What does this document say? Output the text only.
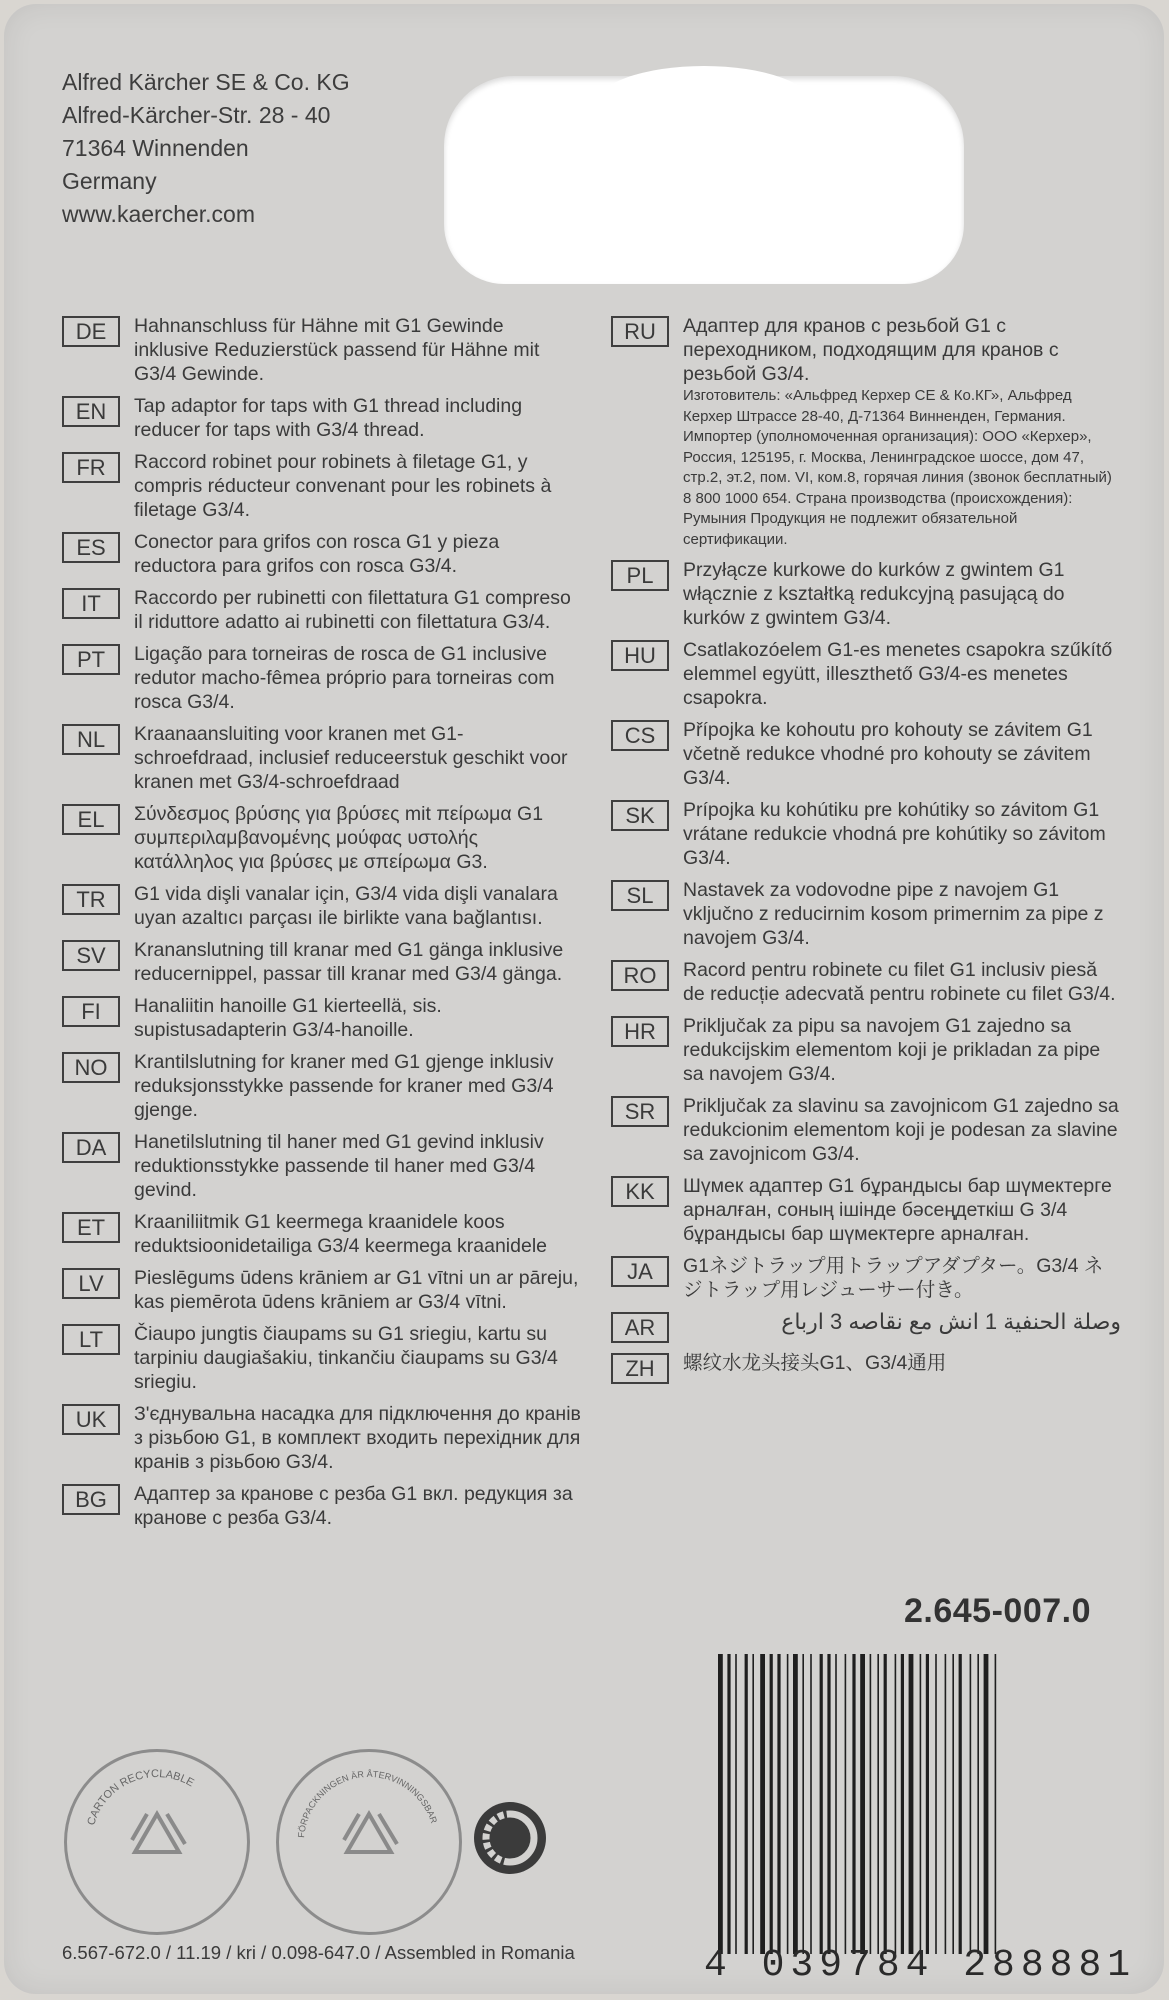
Alfred Kärcher SE & Co. KG
Alfred-Kärcher-Str. 28 - 40
71364 Winnenden
Germany
www.kaercher.com
DE	Hahnanschluss für Hähne mit G1 Gewinde inklusive Reduzierstück passend für Hähne mit G3/4 Gewinde.
EN	Tap adaptor for taps with G1 thread including reducer for taps with G3/4 thread.
FR	Raccord robinet pour robinets à filetage G1, y compris réducteur convenant pour les robinets à filetage G3/4.
ES	Conector para grifos con rosca G1 y pieza reductora para grifos con rosca G3/4.
IT	Raccordo per rubinetti con filettatura G1 compreso il riduttore adatto ai rubinetti con filettatura G3/4.
PT	Ligação para torneiras de rosca de G1 inclusive redutor macho-fêmea próprio para torneiras com rosca G3/4.
NL	Kraanaansluiting voor kranen met G1-schroefdraad, inclusief reduceerstuk geschikt voor kranen met G3/4-schroefdraad
EL	Σύνδεσμος βρύσης για βρύσες mit πείρωμα G1 συμπεριλαμβανομένης μούφας υστολής κατάλληλος για βρύσες με σπείρωμα G3.
TR	G1 vida dişli vanalar için, G3/4 vida dişli vanalara uyan azaltıcı parçası ile birlikte vana bağlantısı.
SV	Krananslutning till kranar med G1 gänga inklusive reducernippel, passar till kranar med G3/4 gänga.
FI	Hanaliitin hanoille G1 kierteellä, sis. supistusadapterin G3/4-hanoille.
NO	Krantilslutning for kraner med G1 gjenge inklusiv reduksjonsstykke passende for kraner med G3/4 gjenge.
DA	Hanetilslutning til haner med G1 gevind inklusiv reduktionsstykke passende til haner med G3/4 gevind.
ET	Kraaniliitmik G1 keermega kraanidele koos reduktsioonidetailiga G3/4 keermega kraanidele
LV	Pieslēgums ūdens krāniem ar G1 vītni un ar pāreju, kas piemērota ūdens krāniem ar G3/4 vītni.
LT	Čiaupo jungtis čiaupams su G1 sriegiu, kartu su tarpiniu daugiašakiu, tinkančiu čiaupams su G3/4 sriegiu.
UK	З'єднувальна насадка для підключення до кранів з різьбою G1, в комплект входить перехідник для кранів з різьбою G3/4.
BG	Адаптер за кранове с резба G1 вкл. редукция за кранове с резба G3/4.
RU	Адаптер для кранов с резьбой G1 с переходником, подходящим для кранов с резьбой G3/4.
Изготовитель: «Альфред Керхер СЕ & Ко.КГ», Альфред Керхер Штрассе 28-40, Д-71364 Винненден, Германия. Импортер (уполномоченная организация): ООО «Керхер», Россия, 125195, г. Москва, Ленинградское шоссе, дом 47, стр.2, эт.2, пом. VI, ком.8, горячая линия (звонок бесплатный) 8 800 1000 654. Страна производства (происхождения): Румыния Продукция не подлежит обязательной сертификации.
PL	Przyłącze kurkowe do kurków z gwintem G1 włącznie z kształtką redukcyjną pasującą do kurków z gwintem G3/4.
HU	Csatlakozóelem G1-es menetes csapokra szűkítő elemmel együtt, illeszthető G3/4-es menetes csapokra.
CS	Přípojka ke kohoutu pro kohouty se závitem G1 včetně redukce vhodné pro kohouty se závitem G3/4.
SK	Prípojka ku kohútiku pre kohútiky so závitom G1 vrátane redukcie vhodná pre kohútiky so závitom G3/4.
SL	Nastavek za vodovodne pipe z navojem G1 vključno z reducirnim kosom primernim za pipe z navojem G3/4.
RO	Racord pentru robinete cu filet G1 inclusiv piesă de reducție adecvată pentru robinete cu filet G3/4.
HR	Priključak za pipu sa navojem G1 zajedno sa redukcijskim elementom koji je prikladan za pipe sa navojem G3/4.
SR	Priključak za slavinu sa zavojnicom G1 zajedno sa redukcionim elementom koji je podesan za slavine sa zavojnicom G3/4.
KK	Шүмек адаптер G1 бұрандысы бар шүмектерге арналған, соның ішінде бәсеңдеткіш G 3/4 бұрандысы бар шүмектерге арналған.
JA	G1ネジトラップ用トラップアダプター。G3/4 ネジトラップ用レジューサー付き。
AR	وصلة الحنفية 1 انش مع نقاصه 3 ارباع
ZH	螺纹水龙头接头G1、G3/4通用
2.645-007.0
4 039784 288881
CARTON RECYCLABLE
FÖRPACKNINGEN ÄR ÅTERVINNINGSBAR
6.567-672.0 / 11.19 / kri / 0.098-647.0 / Assembled in Romania
